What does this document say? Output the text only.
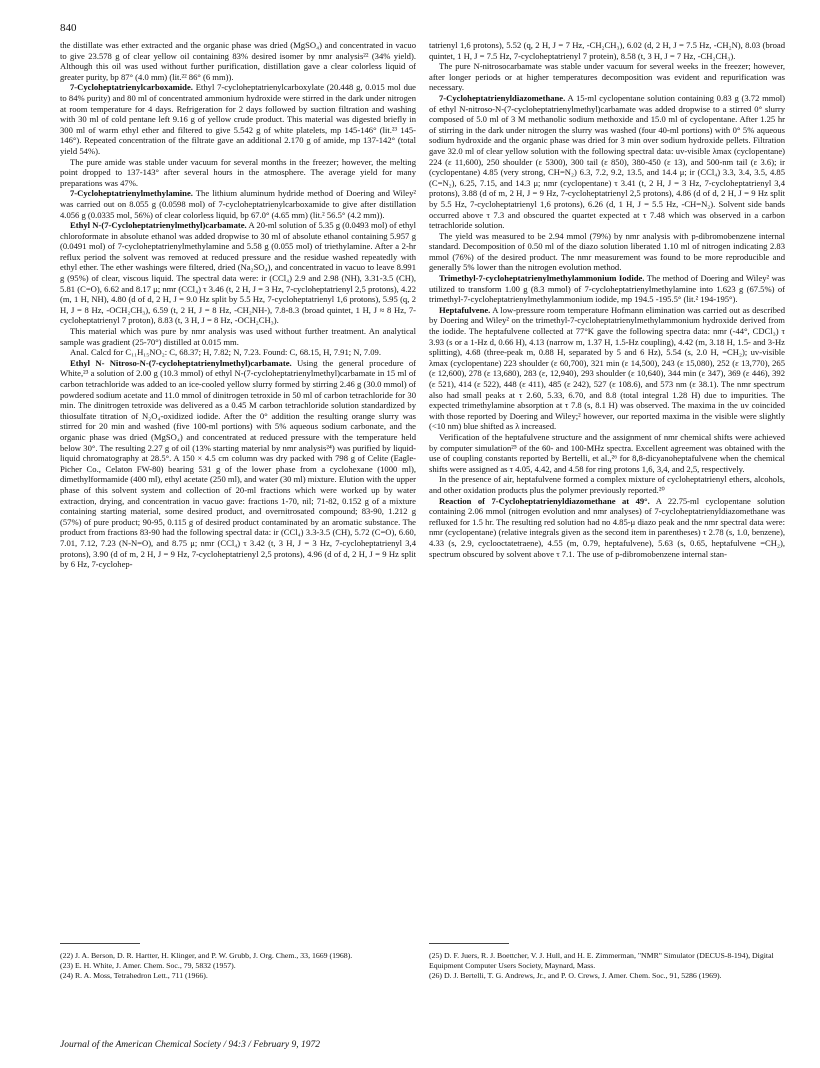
840

the distillate was ether extracted and the organic phase was dried (MgSO₄) and concentrated in vacuo to give 23.578 g of clear yellow oil containing 83% desired isomer by nmr analysis²² (34% yield). Although this oil was used without further purification, distillation gave a clear colorless liquid of greater purity, bp 87° (4.0 mm) (lit.²² 86° (6 mm)).

7-Cycloheptatrienylcarboxamide. Ethyl 7-cycloheptatrienylcarboxylate (20.448 g, 0.015 mol due to 84% purity) and 80 ml of concentrated ammonium hydroxide were stirred in the dark under nitrogen at room temperature for 4 days. Refrigeration for 2 days followed by suction filtration and washing with 30 ml of cold pentane left 9.16 g of yellow crude product. This material was digested briefly in 300 ml of warm ethyl ether and filtered to give 5.542 g of white platelets, mp 145-146° (lit.²³ 145-146°). Repeated concentration of the filtrate gave an additional 2.170 g of amide, mp 137-142° (total yield 54%).

The pure amide was stable under vacuum for several months in the freezer; however, the melting point dropped to 137-143° after several hours in the atmosphere. The average yield for many preparations was 47%.

7-Cycloheptatrienylmethylamine. The lithium aluminum hydride method of Doering and Wiley² was carried out on 8.055 g (0.0598 mol) of 7-cycloheptatrienylcarboxamide to give after distillation 4.056 g (0.0335 mol, 56%) of clear colorless liquid, bp 67.0° (4.65 mm) (lit.² 56.5° (4.2 mm)).

Ethyl N-(7-Cycloheptatrienylmethyl)carbamate. A 20-ml solution of 5.35 g (0.0493 mol) of ethyl chloroformate in absolute ethanol was added dropwise to 30 ml of absolute ethanol containing 5.957 g (0.0491 mol) of 7-cycloheptatrienylmethylamine and 5.58 g (0.055 mol) of triethylamine. After a 2-hr reflux period the solvent was removed at reduced pressure and the residue washed repeatedly with ethyl ether. The ether washings were filtered, dried (Na₂SO₄), and concentrated in vacuo to leave 8.991 g (95%) of clear, viscous liquid. The spectral data were: ir (CCl₄) 2.9 and 2.98 (NH), 3.31-3.5 (CH), 5.81 (C=O), 6.62 and 8.17 μ; nmr (CCl₄) τ 3.46 (t, 2 H, J = 3 Hz, 7-cycloheptatrienyl 2,5 protons), 4.22 (m, 1 H, NH), 4.80 (d of d, 2 H, J = 9.0 Hz split by 5.5 Hz, 7-cycloheptatrienyl 1,6 protons), 5.95 (q, 2 H, J = 8 Hz, -OCH₂CH₃), 6.59 (t, 2 H, J = 8 Hz, -CH₂NH-), 7.8-8.3 (broad quintet, 1 H, J ≈ 8 Hz, 7-cycloheptatrienyl 7 proton), 8.83 (t, 3 H, J = 8 Hz, -OCH₂CH₃).

This material which was pure by nmr analysis was used without further treatment. An analytical sample was gradient (25-70°) distilled at 0.015 mm.

Anal. Calcd for C₁₁H₁₅NO₂: C, 68.37; H, 7.82; N, 7.23. Found: C, 68.15, H, 7.91; N, 7.09.

Ethyl N- Nitroso-N-(7-cycloheptatrienylmethyl)carbamate. Using the general procedure of White,²³ a solution of 2.00 g (10.3 mmol) of ethyl N-(7-cycloheptatrienylmethyl)carbamate in 15 ml of carbon tetrachloride was added to an ice-cooled yellow slurry formed by stirring 2.46 g (30.0 mmol) of powdered sodium acetate and 11.0 mmol of dinitrogen tetroxide in 50 ml of carbon tetrachloride for 30 min. The dinitrogen tetroxide was delivered as a 0.45 M carbon tetrachloride solution standardized by thiosulfate titration of N₂O₄-oxidized iodide. After the 0° addition the resulting orange slurry was stirred for 20 min and washed (five 100-ml portions) with 5% aqueous sodium carbonate, and the organic phase was dried (MgSO₄) and concentrated at reduced pressure with the temperature held below 30°. The resulting 2.27 g of oil (13% starting material by nmr analysis²⁴) was purified by liquid-liquid chromatography at 28.5°. A 150 × 4.5 cm column was dry packed with 798 g of Celite (Eagle-Picher Co., Celaton FW-80) bearing 531 g of the lower phase from a cyclohexane (1000 ml), dimethylformamide (400 ml), ethyl acetate (250 ml), and water (30 ml) mixture. Elution with the upper phase of this solvent system and collection of 20-ml fractions which were worked up by water extraction, drying, and concentration in vacuo gave: fractions 1-70, nil; 71-82, 0.152 g of a mixture containing starting material, some desired product, and overnitrosated compound; 83-90, 1.212 g (57%) of pure product; 90-95, 0.115 g of desired product contaminated by an aromatic substance. The product from fractions 83-90 had the following spectral data: ir (CCl₄) 3.3-3.5 (CH), 5.72 (C=O), 6.60, 7.01, 7.12, 7.23 (N-N=O), and 8.75 μ; nmr (CCl₄) τ 3.42 (t, 3 H, J = 3 Hz, 7-cycloheptatrienyl 3,4 protons), 3.90 (d of m, 2 H, J = 9 Hz, 7-cycloheptatrienyl 2,5 protons), 4.96 (d of d, 2 H, J = 9 Hz split by 6 Hz, 7-cyclohep-

tatrienyl 1,6 protons), 5.52 (q, 2 H, J = 7 Hz, -CH₂CH₃), 6.02 (d, 2 H, J = 7.5 Hz, -CH₂N), 8.03 (broad quintet, 1 H, J = 7.5 Hz, 7-cycloheptatrienyl 7 protein), 8.58 (t, 3 H, J = 7 Hz, -CH₂CH₃).

The pure N-nitrosocarbamate was stable under vacuum for several weeks in the freezer; however, after longer periods or at higher temperatures decomposition was evident and repurification was necessary.

7-Cycloheptatrienyldiazomethane. A 15-ml cyclopentane solution containing 0.83 g (3.72 mmol) of ethyl N-nitroso-N-(7-cycloheptatrienylmethyl)carbamate was added dropwise to a stirred 0° slurry composed of 5.0 ml of 3 M methanolic sodium methoxide and 15.0 ml of cyclopentane. After 1.25 hr of stirring in the dark under nitrogen the slurry was washed (four 40-ml portions) with 0° 5% aqueous sodium hydroxide and the organic phase was dried for 3 min over sodium hydroxide pellets. Filtration gave 32.0 ml of clear yellow solution with the following spectral data: uv-visible λmax (cyclopentane) 224 (ε 11,600), 250 shoulder (ε 5300), 300 tail (ε 850), 380-450 (ε 13), and 500-nm tail (ε 3.6); ir (cyclopentane) 4.85 (very strong, CH=N₂) 6.3, 7.2, 9.2, 13.5, and 14.4 μ; ir (CCl₄) 3.3, 3.4, 3.5, 4.85 (C=N₂), 6.25, 7.15, and 14.3 μ; nmr (cyclopentane) τ 3.41 (t, 2 H, J = 3 Hz, 7-cycloheptatrienyl 3,4 protons), 3.88 (d of m, 2 H, J = 9 Hz, 7-cycloheptatrienyl 2,5 protons), 4.86 (d of d, 2 H, J = 9 Hz split by 5.5 Hz, 7-cycloheptatrienyl 1,6 protons), 6.26 (d, 1 H, J = 5.5 Hz, -CH=N₂). Solvent side bands occurred above τ 7.3 and obscured the quartet expected at τ 7.48 which was observed in a carbon tetrachloride solution.

The yield was measured to be 2.94 mmol (79%) by nmr analysis with p-dibromobenzene internal standard. Decomposition of 0.50 ml of the diazo solution liberated 1.10 ml of nitrogen indicating 2.83 mmol (76%) of the desired product. The nmr measurement was found to be more reproducible and generally 5% lower than the nitrogen evolution method.

Trimethyl-7-cycloheptatrienylmethylammonium Iodide. The method of Doering and Wiley² was utilized to transform 1.00 g (8.3 mmol) of 7-cycloheptatrienylmethylamine into 1.623 g (67.5%) of trimethyl-7-cycloheptatrienylmethylammonium iodide, mp 194.5 -195.5° (lit.² 194-195°).

Heptafulvene. A low-pressure room temperature Hofmann elimination was carried out as described by Doering and Wiley² on the trimethyl-7-cycloheptatrienylmethylammonium hydroxide derived from the iodide. The heptafulvene collected at 77°K gave the following spectra data: nmr (-44°, CDCl₃) τ 3.93 (s or a 1-Hz d, 0.66 H), 4.13 (narrow m, 1.37 H, 1.5-Hz coupling), 4.42 (m, 3.18 H, 1.5- and 3-Hz splitting), 4.68 (three-peak m, 0.88 H, separated by 5 and 6 Hz), 5.54 (s, 2.0 H, =CH₂); uv-visible λmax (cyclopentane) 223 shoulder (ε 60,700), 321 min (ε 14,500), 243 (ε 15,080), 252 (ε 13,770), 265 (ε 12,600), 278 (ε 13,680), 283 (ε, 12,940), 293 shoulder (ε 10,640), 344 min (ε 347), 369 (ε 446), 392 (ε 521), 414 (ε 522), 448 (ε 411), 485 (ε 242), 527 (ε 108.6), and 573 nm (ε 38.1). The nmr spectrum also had small peaks at τ 2.60, 5.33, 6.70, and 8.8 (total integral 1.28 H) due to impurities. The expected trimethylamine absorption at τ 7.8 (s, 8.1 H) was observed. The maxima in the uv coincided with those reported by Doering and Wiley;² however, our reported maxima in the visible were slightly (<10 nm) blue shifted as λ increased.

Verification of the heptafulvene structure and the assignment of nmr chemical shifts were achieved by computer simulation²⁵ of the 60- and 100-MHz spectra. Excellent agreement was obtained with the use of coupling constants reported by Bertelli, et al.,²⁶ for 8,8-dicyanoheptafulvene when the chemical shifts were assigned as τ 4.05, 4.42, and 4.58 for ring protons 1,6, 3,4, and 2,5, respectively.

In the presence of air, heptafulvene formed a complex mixture of cycloheptatrienyl ethers, alcohols, and other oxidation products plus the polymer previously reported.²⁰

Reaction of 7-Cycloheptatrienyldiazomethane at 49°. A 22.75-ml cyclopentane solution containing 2.06 mmol (nitrogen evolution and nmr analyses) of 7-cycloheptatrienyldiazomethane was refluxed for 1.5 hr. The resulting red solution had no 4.85-μ diazo peak and the nmr spectral data were: nmr (cyclopentane) (relative integrals given as the second item in parentheses) τ 2.78 (s, 1.0, benzene), 4.33 (s, 2.9, cyclooctatetraene), 4.55 (m, 0.79, heptafulvene), 5.63 (s, 0.65, heptafulvene =CH₂), spectrum obscured by solvent above τ 7.1. The use of p-dibromobenzene internal stan-

(22) J. A. Berson, D. R. Hartter, H. Klinger, and P. W. Grubb, J. Org. Chem., 33, 1669 (1968).
(23) E. H. White, J. Amer. Chem. Soc., 79, 5832 (1957).
(24) R. A. Moss, Tetrahedron Lett., 711 (1966).
(25) D. F. Juers, R. J. Boettcher, V. J. Hull, and H. E. Zimmerman, "NMR" Simulator (DECUS-8-194), Digital Equipment Computer Users Society, Maynard, Mass.
(26) D. J. Bertelli, T. G. Andrews, Jr., and P. O. Crews, J. Amer. Chem. Soc., 91, 5286 (1969).
Journal of the American Chemical Society / 94:3 / February 9, 1972
